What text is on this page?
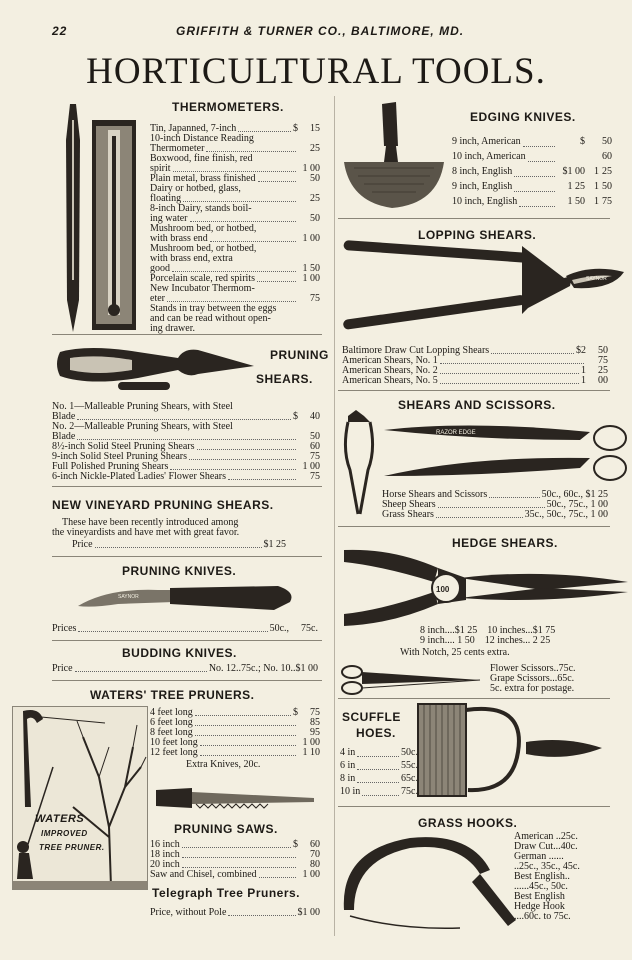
22	GRIFFITH & TURNER CO., BALTIMORE, MD.
HORTICULTURAL TOOLS.
THERMOMETERS.
Tin, Japanned, 7-inch	$	15
10-inch Distance Reading
Thermometer	25
Boxwood, fine finish, red
spirit	1 00
Plain metal, brass finished	50
Dairy or hotbed, glass,
floating	25
8-inch Dairy, stands boil-
ing water	50
Mushroom bed, or hotbed,
with brass end	1 00
Mushroom bed, or hotbed,
with brass end, extra
good	1 50
Porcelain scale, red spirits	1 00
New Incubator Thermom-
eter	75
Stands in tray between the eggs
and can be read without open-
ing drawer.
PRUNING
SHEARS.
No. 1—Malleable Pruning Shears, with Steel
Blade	$	40
No. 2—Malleable Pruning Shears, with Steel
Blade	50
8½-inch Solid Steel Pruning Shears	60
9-inch Solid Steel Pruning Shears	75
Full Polished Pruning Shears	1 00
6-inch Nickle-Plated Ladies' Flower Shears	75
NEW VINEYARD PRUNING SHEARS.
These have been recently introduced among
the vineyardists and have met with great favor.
Price	$1 25
PRUNING KNIVES.
SAYNOR
Prices	50c., 75c.
BUDDING KNIVES.
Price	No. 12..75c.; No. 10..$1 00
WATERS' TREE PRUNERS.
WATERS
IMPROVED
TREE PRUNER.
4 feet long	$	75
6 feet long	85
8 feet long	95
10 feet long	1 00
12 feet long	1 10
Extra Knives, 20c.
PRUNING SAWS.
16 inch	$	60
18 inch	70
20 inch	80
Saw and Chisel, combined	1 00
Telegraph Tree Pruners.
Price, without Pole	$1 00
SAYNOR
EDGING KNIVES.
9 inch, American	$ 50
10 inch, American	60
8 inch, English	$1 00 1 25
9 inch, English	1 25 1 50
10 inch, English	1 50 1 75
LOPPING SHEARS.
SAYNOR
Baltimore Draw Cut Lopping Shears	$2	50
American Shears, No. 1	75
American Shears, No. 2	1	25
American Shears, No. 5	1	00
SHEARS AND SCISSORS.
RAZOR EDGE
Horse Shears and Scissors	50c., 60c., $1 25
Sheep Shears	50c., 75c., 1 00
Grass Shears	35c., 50c., 75c., 1 00
HEDGE SHEARS.
100
8 inch....$1 25    10 inches...$1 75
9 inch.... 1 50    12 inches... 2 25
With Notch, 25 cents extra.
Flower Scissors..75c.
Grape Scissors...65c.
5c. extra for postage.
SCUFFLE
HOES.
4 in	50c.
6 in	55c.
8 in	65c.
10 in	75c.
GRASS HOOKS.
American ..25c.
Draw Cut...40c.
German ......
..25c., 35c., 45c.
Best English..
......45c., 50c.
Best English
Hedge Hook
....60c. to 75c.
